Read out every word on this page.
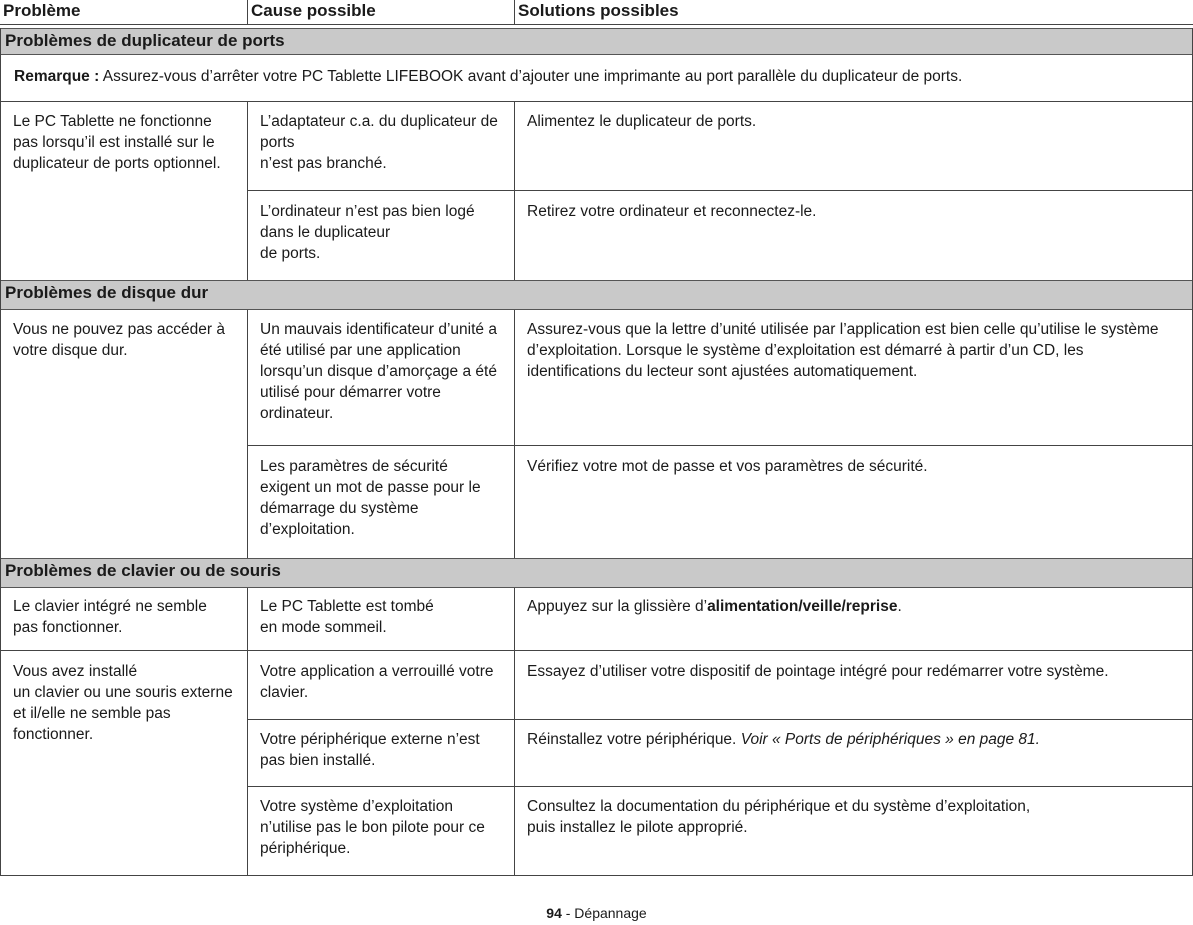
Problème	Cause possible	Solutions possibles
Problèmes de duplicateur de ports
Remarque : Assurez-vous d’arrêter votre PC Tablette LIFEBOOK avant d’ajouter une imprimante au port parallèle du duplicateur de ports.
Le PC Tablette ne fonctionne pas lorsqu’il est installé sur le duplicateur de ports optionnel.
L’adaptateur c.a. du duplicateur de ports
n’est pas branché.
Alimentez le duplicateur de ports.
L’ordinateur n’est pas bien logé dans le duplicateur
de ports.
Retirez votre ordinateur et reconnectez-le.
Problèmes de disque dur
Vous ne pouvez pas accéder à votre disque dur.
Un mauvais identificateur d’unité a été utilisé par une application lorsqu’un disque d’amorçage a été utilisé pour démarrer votre ordinateur.
Assurez-vous que la lettre d’unité utilisée par l’application est bien celle qu’utilise le système d’exploitation. Lorsque le système d’exploitation est démarré à partir d’un CD, les identifications du lecteur sont ajustées automatiquement.
Les paramètres de sécurité exigent un mot de passe pour le démarrage du système d’exploitation.
Vérifiez votre mot de passe et vos paramètres de sécurité.
Problèmes de clavier ou de souris
Le clavier intégré ne semble pas fonctionner.
Le PC Tablette est tombé
en mode sommeil.
Appuyez sur la glissière d’alimentation/veille/reprise.
Vous avez installé
un clavier ou une souris externe et il/elle ne semble pas fonctionner.
Votre application a verrouillé votre clavier.
Essayez d’utiliser votre dispositif de pointage intégré pour redémarrer votre système.
Votre périphérique externe n’est pas bien installé.
Réinstallez votre périphérique. Voir « Ports de périphériques » en page 81.
Votre système d’exploitation n’utilise pas le bon pilote pour ce périphérique.
Consultez la documentation du périphérique et du système d’exploitation,
puis installez le pilote approprié.
94 - Dépannage
